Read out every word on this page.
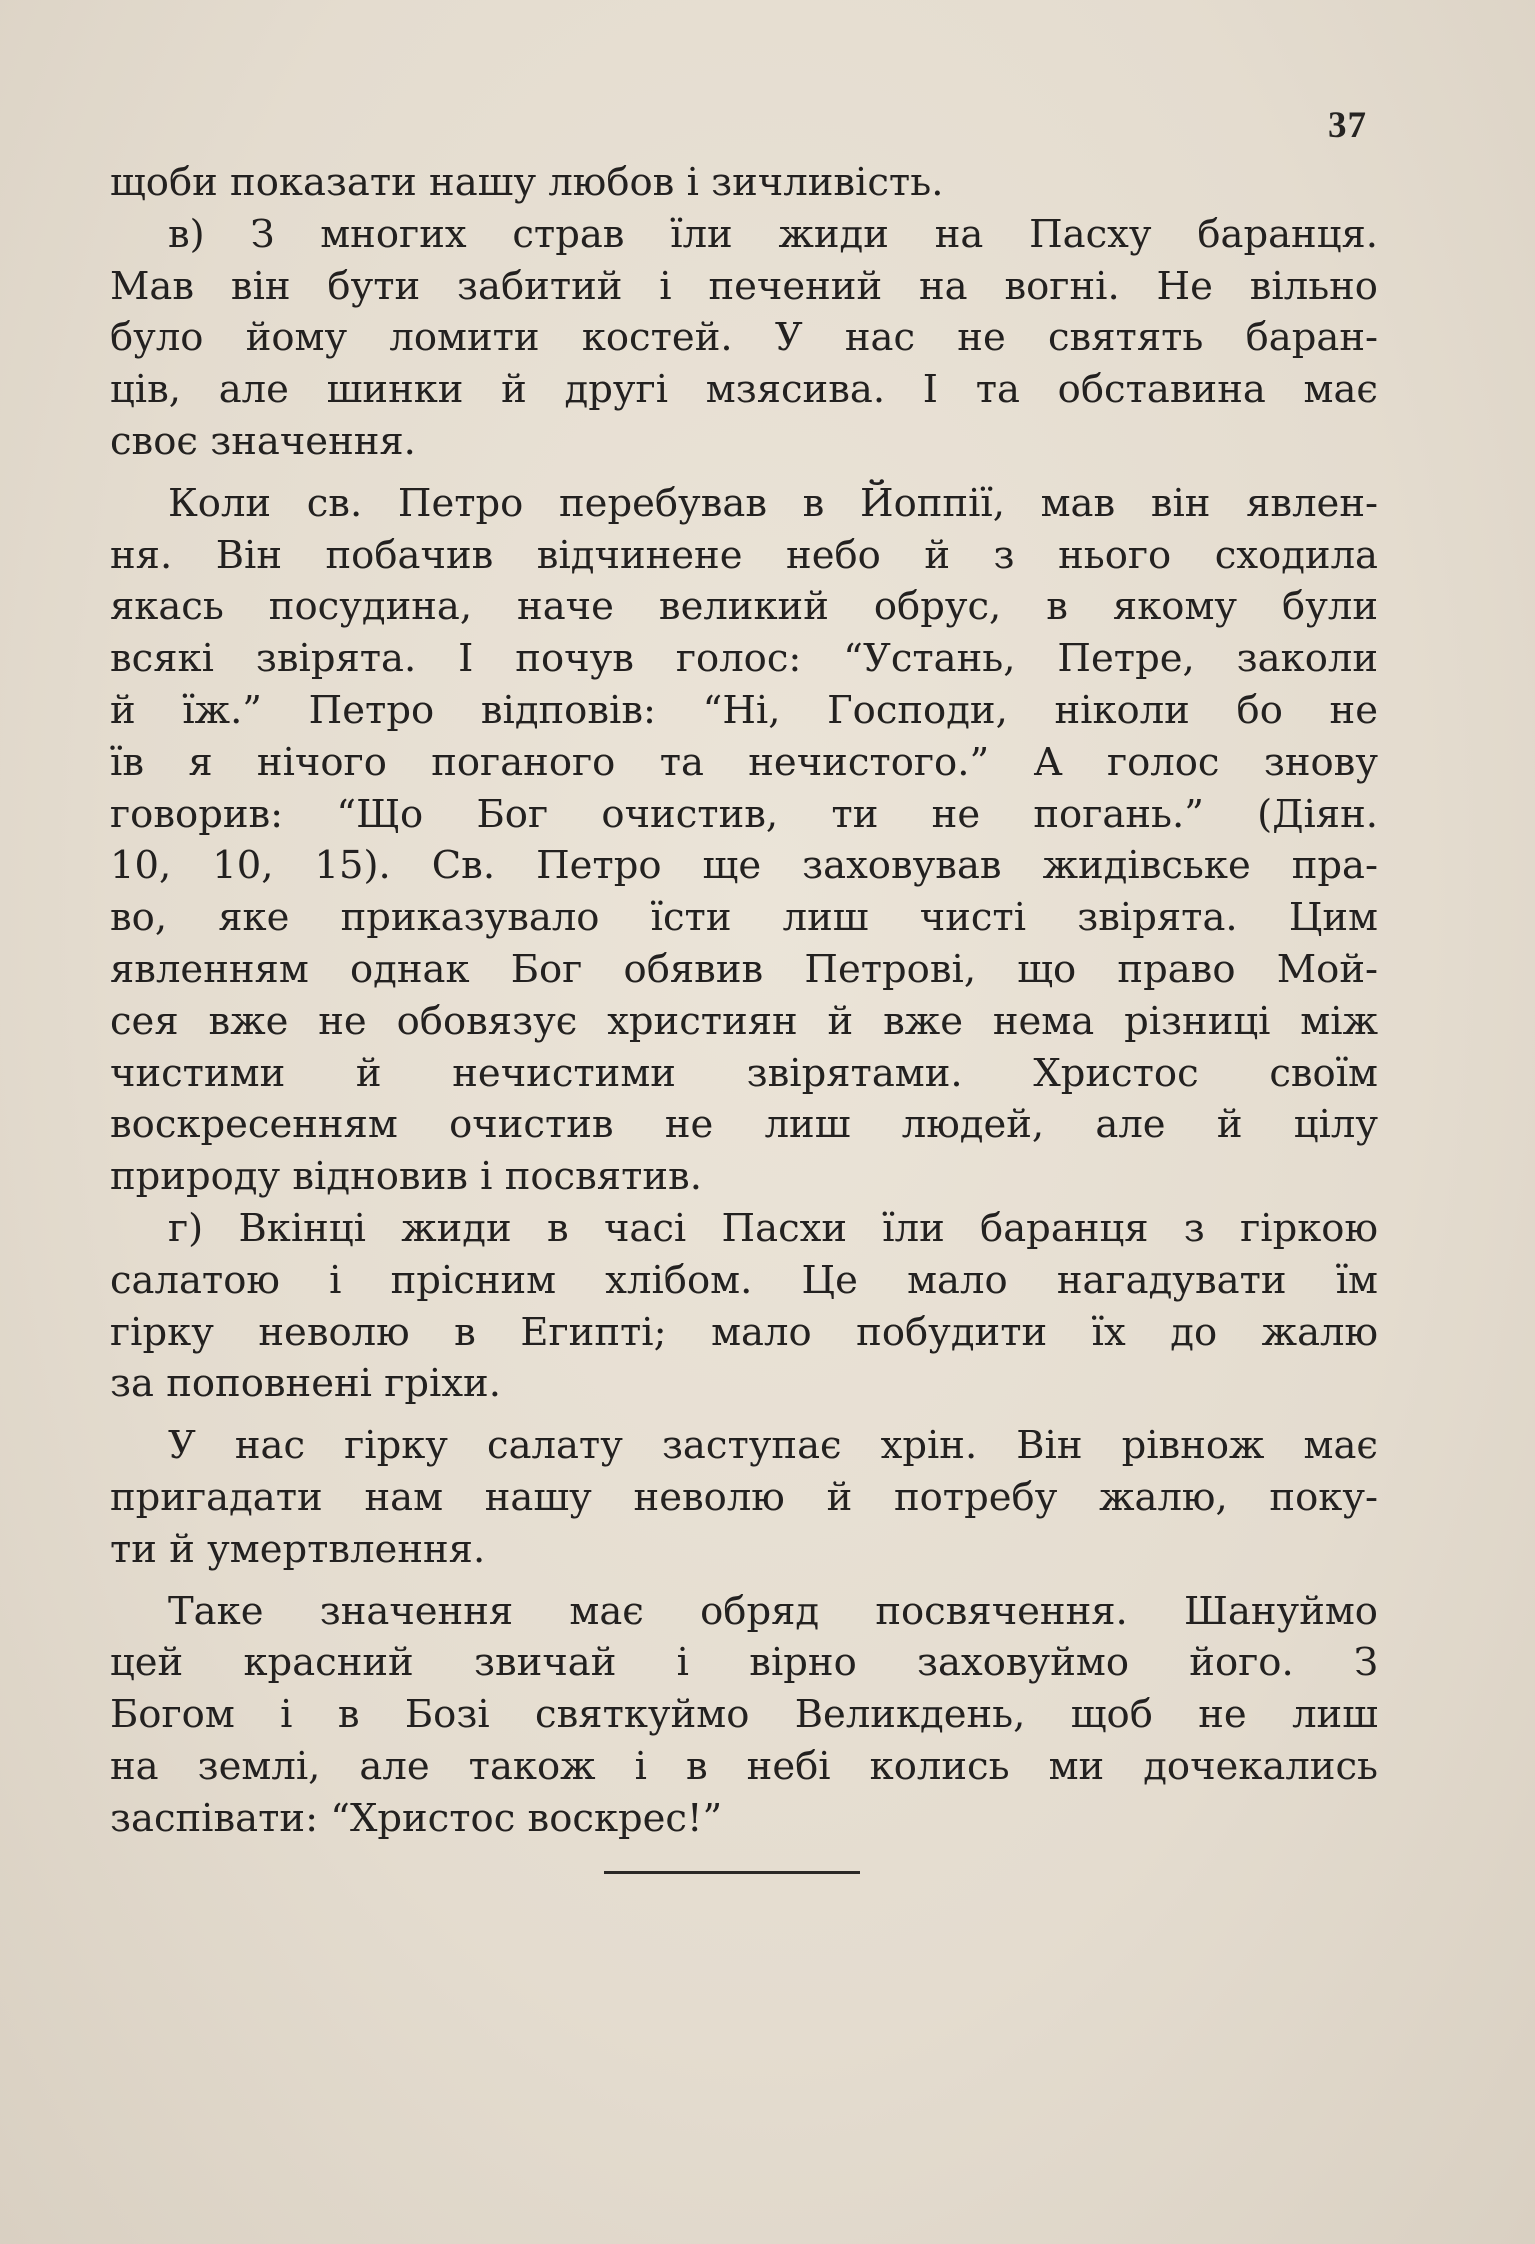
37
щоби показати нашу любов і зичливість.
в) З многих страв їли жиди на Пасху баранця.
Мав він бути забитий і печений на вогні. Не вільно
було йому ломити костей. У нас не святять баран-
ців, але шинки й другі мзясива. І та обставина має
своє значення.
Коли св. Петро перебував в Йоппії, мав він явлен-
ня. Він побачив відчинене небо й з нього сходила
якась посудина, наче великий обрус, в якому були
всякі звірята. І почув голос: “Устань, Петре, заколи
й їж.” Петро відповів: “Ні, Господи, ніколи бо не
їв я нічого поганого та нечистого.” А голос знову
говорив: “Що Бог очистив, ти не погань.” (Діян.
10, 10, 15). Св. Петро ще заховував жидівське пра-
во, яке приказувало їсти лиш чисті звірята. Цим
явленням однак Бог обявив Петрові, що право Мой-
сея вже не обовязує християн й вже нема різниці між
чистими й нечистими звірятами. Христос своїм
воскресенням очистив не лиш людей, але й цілу
природу відновив і посвятив.
г) Вкінці жиди в часі Пасхи їли баранця з гіркою
салатою і прісним хлібом. Це мало нагадувати їм
гірку неволю в Египті; мало побудити їх до жалю
за поповнені гріхи.
У нас гірку салату заступає хрін. Він рівнож має
пригадати нам нашу неволю й потребу жалю, поку-
ти й умертвлення.
Таке значення має обряд посвячення. Шануймо
цей красний звичай і вірно заховуймо його. З
Богом і в Бозі святкуймо Великдень, щоб не лиш
на землі, але також і в небі колись ми дочекались
заспівати: “Христос воскрес!”
